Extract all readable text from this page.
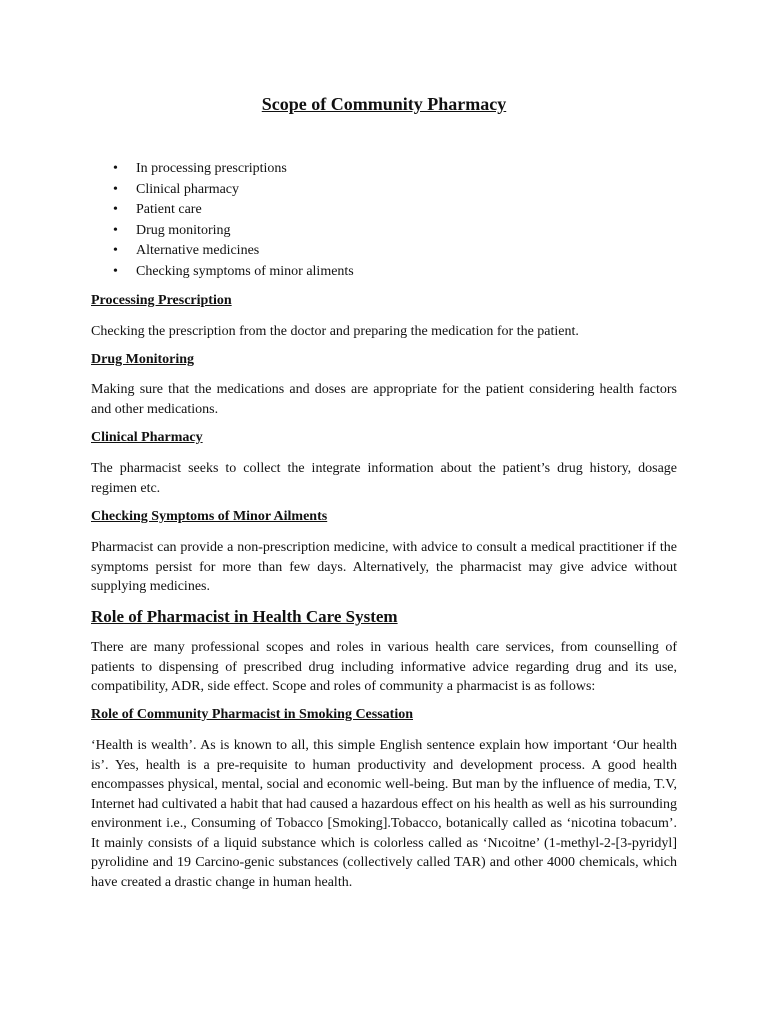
Scope of Community Pharmacy
• In processing prescriptions
• Clinical pharmacy
• Patient care
• Drug monitoring
• Alternative medicines
• Checking symptoms of minor aliments
Processing Prescription

Checking the prescription from the doctor and preparing the medication for the patient.

Drug Monitoring

Making sure that the medications and doses are appropriate for the patient considering health factors and other medications.

Clinical Pharmacy

The pharmacist seeks to collect the integrate information about the patient’s drug history, dosage regimen etc.

Checking Symptoms of Minor Ailments

Pharmacist can provide a non-prescription medicine, with advice to consult a medical practitioner if the symptoms persist for more than few days. Alternatively, the pharmacist may give advice without supplying medicines.

Role of Pharmacist in Health Care System

There are many professional scopes and roles in various health care services, from counselling of patients to dispensing of prescribed drug including informative advice regarding drug and its use, compatibility, ADR, side effect. Scope and roles of community a pharmacist is as follows:

Role of Community Pharmacist in Smoking Cessation

‘Health is wealth’. As is known to all, this simple English sentence explain how important ‘Our health is’. Yes, health is a pre-requisite to human productivity and development process. A good health encompasses physical, mental, social and economic well-being. But man by the influence of media, T.V, Internet had cultivated a habit that had caused a hazardous effect on his health as well as his surrounding environment i.e., Consuming of Tobacco [Smoking].Tobacco, botanically called as ‘nicotina tobacum’. It mainly consists of a liquid substance which is colorless called as ‘Nıcoitne’ (1-methyl-2-[3-pyridyl] pyrolidine and 19 Carcino-genic substances (collectively called TAR) and other 4000 chemicals, which have created a drastic change in human health.
